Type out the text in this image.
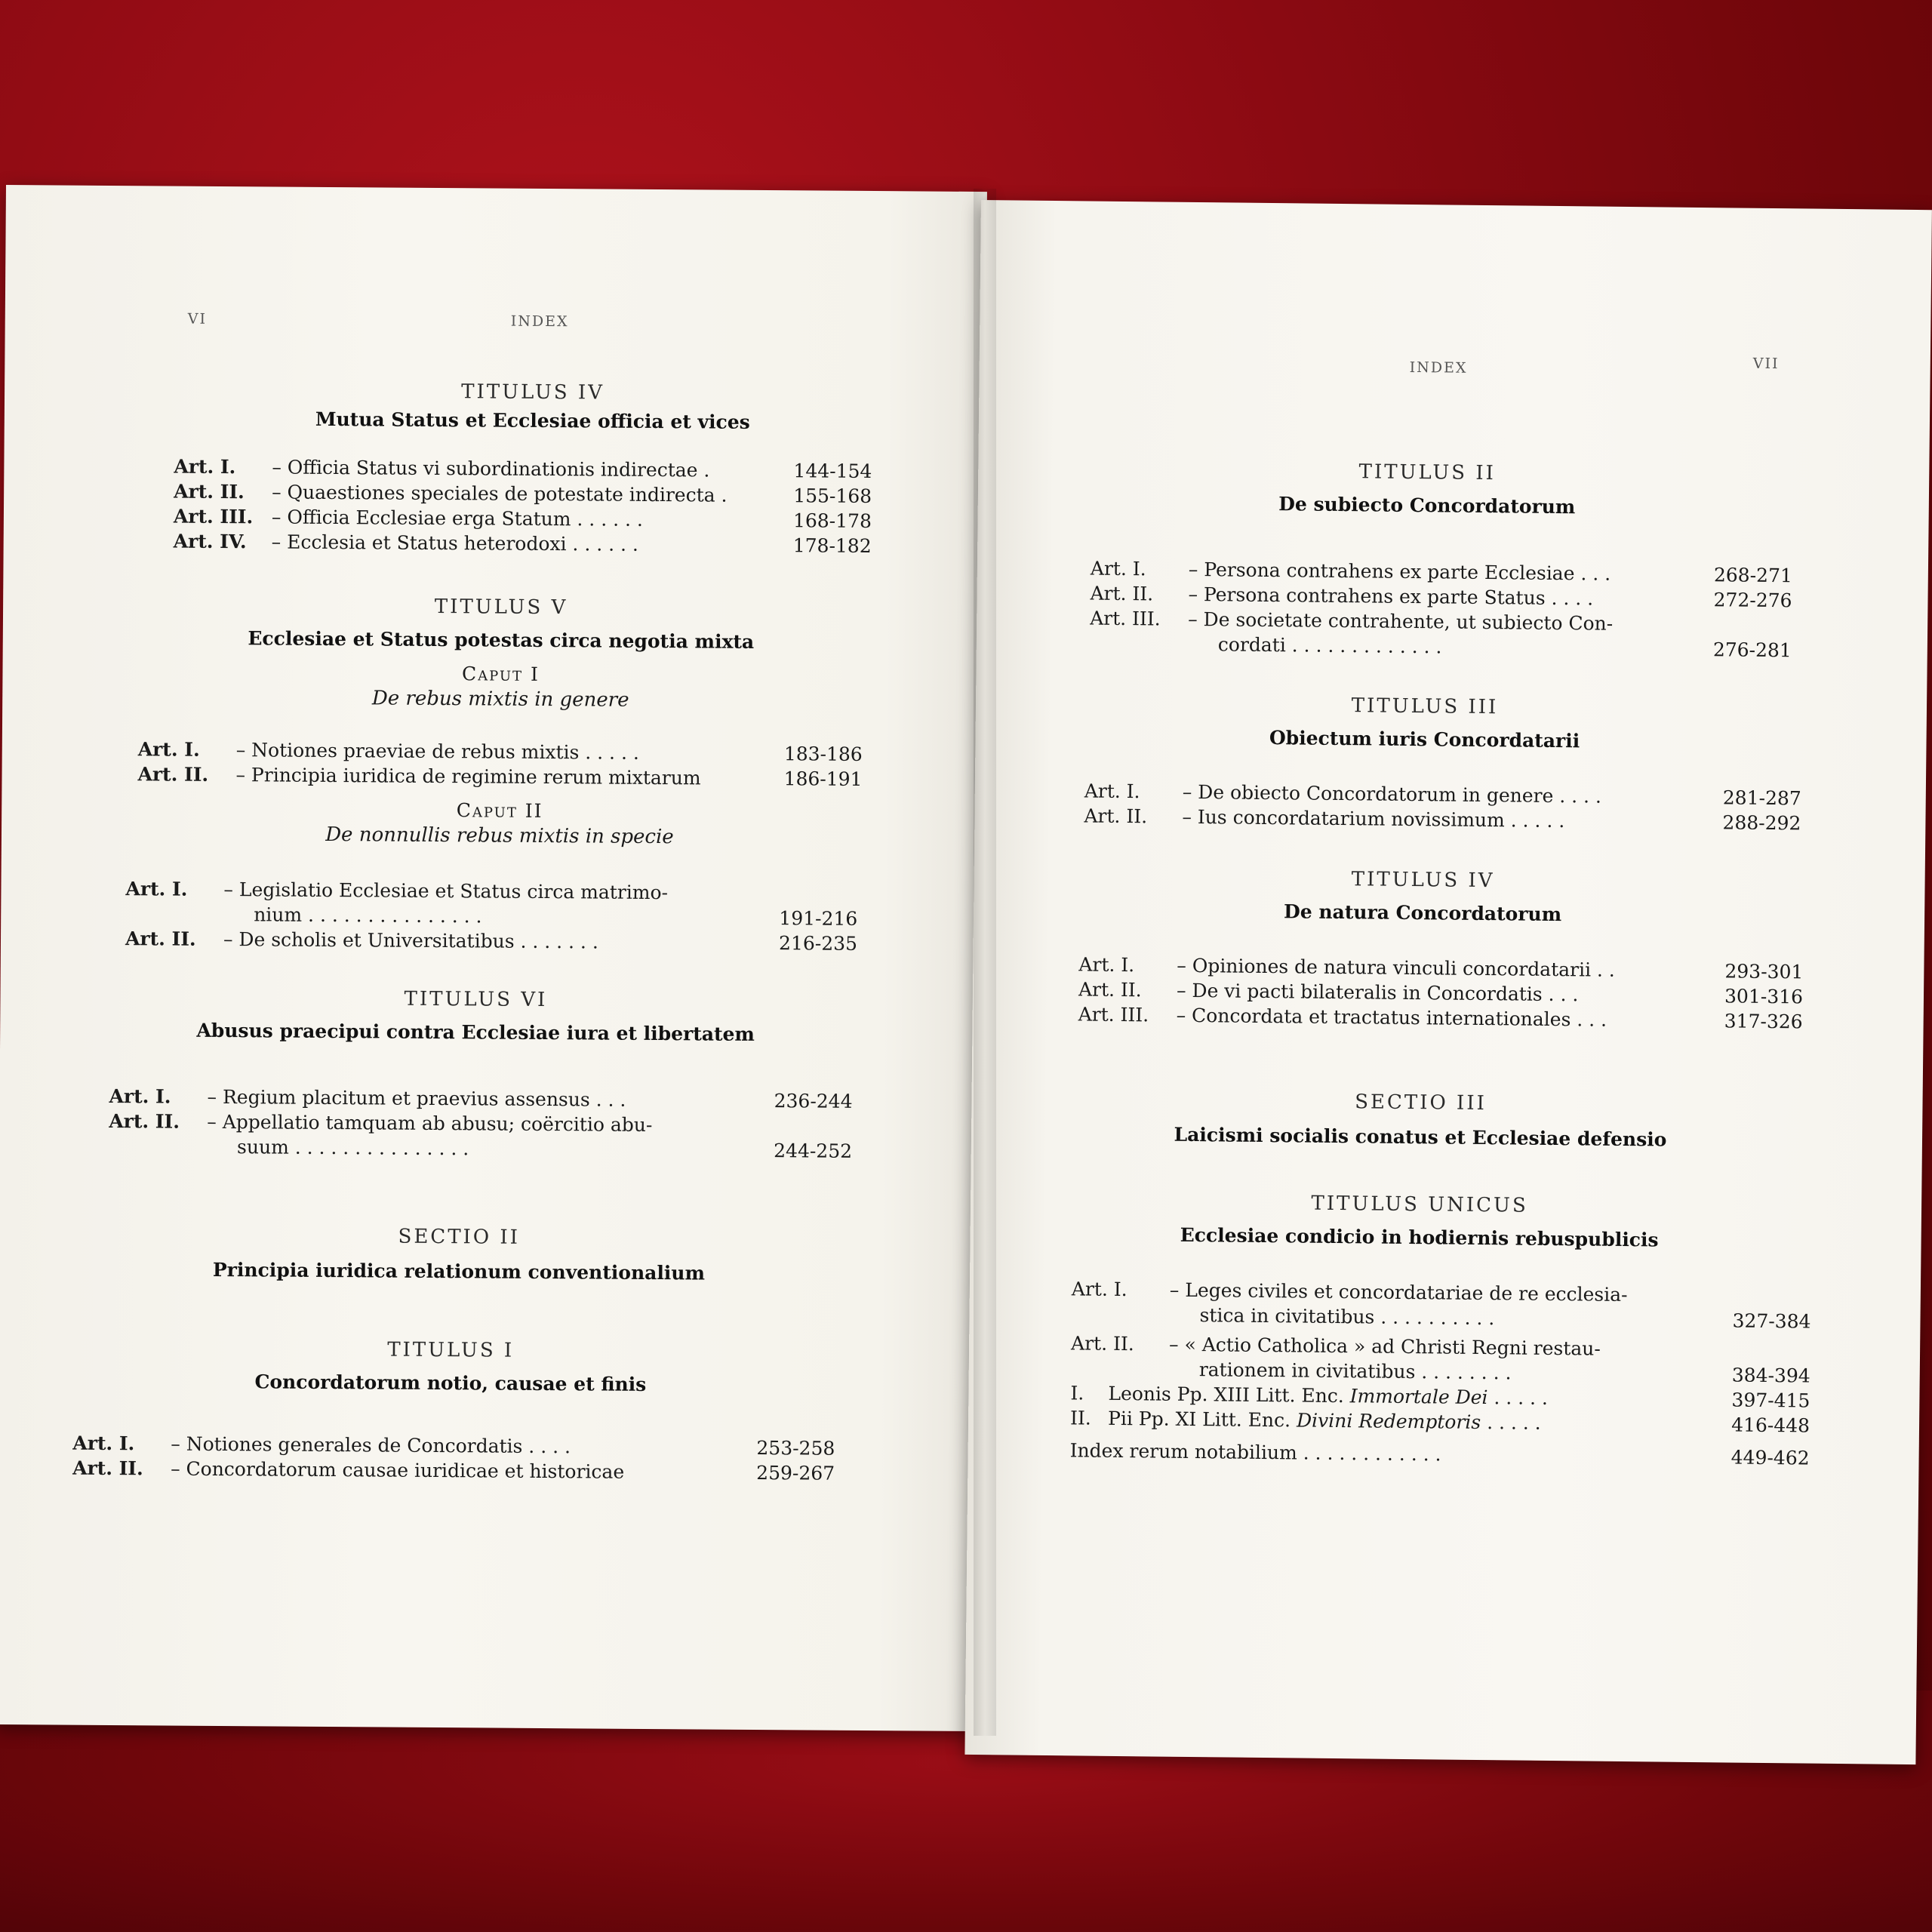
VI	INDEX
TITULUS IV
Mutua Status et Ecclesiae officia et vices
Art. I.	– Officia Status vi subordinationis indirectae .	144-154
Art. II.	– Quaestiones speciales de potestate indirecta .	155-168
Art. III. – Officia Ecclesiae erga Statum . . . . . .	168-178
Art. IV.	– Ecclesia et Status heterodoxi . . . . . .	178-182
TITULUS V
Ecclesiae et Status potestas circa negotia mixta
Caput I
De rebus mixtis in genere
Art. I.	– Notiones praeviae de rebus mixtis . . . . .	183-186
Art. II.	– Principia iuridica de regimine rerum mixtarum	186-191
Caput II
De nonnullis rebus mixtis in specie
Art. I.	– Legislatio Ecclesiae et Status circa matrimo-
nium . . . . . . . . . . . . . . .	191-216
Art. II.	– De scholis et Universitatibus . . . . . . .	216-235
TITULUS VI
Abusus praecipui contra Ecclesiae iura et libertatem
Art. I.	– Regium placitum et praevius assensus . . .	236-244
Art. II.	– Appellatio tamquam ab abusu; coërcitio abu-
suum . . . . . . . . . . . . . . .	244-252
SECTIO II
Principia iuridica relationum conventionalium
TITULUS I
Concordatorum notio, causae et finis
Art. I.	– Notiones generales de Concordatis . . . .	253-258
Art. II.	– Concordatorum causae iuridicae et historicae	259-267
INDEX	VII
TITULUS II
De subiecto Concordatorum
Art. I.	– Persona contrahens ex parte Ecclesiae . . .	268-271
Art. II.	– Persona contrahens ex parte Status . . . .	272-276
Art. III.	– De societate contrahente, ut subiecto Con-
cordati . . . . . . . . . . . . .	276-281
TITULUS III
Obiectum iuris Concordatarii
Art. I.	– De obiecto Concordatorum in genere . . . .	281-287
Art. II.	– Ius concordatarium novissimum . . . . .	288-292
TITULUS IV
De natura Concordatorum
Art. I.	– Opiniones de natura vinculi concordatarii . .	293-301
Art. II.	– De vi pacti bilateralis in Concordatis . . .	301-316
Art. III.	– Concordata et tractatus internationales . . .	317-326
SECTIO III
Laicismi socialis conatus et Ecclesiae defensio
TITULUS UNICUS
Ecclesiae condicio in hodiernis rebuspublicis
Art. I.	– Leges civiles et concordatariae de re ecclesia-
stica in civitatibus . . . . . . . . . .	327-384
Art. II.	– « Actio Catholica » ad Christi Regni restau-
rationem in civitatibus . . . . . . . .	384-394
I.	Leonis Pp. XIII Litt. Enc. Immortale Dei . . . . .	397-415
II. Pii Pp. XI Litt. Enc. Divini Redemptoris . . . . .	416-448
Index rerum notabilium . . . . . . . . . . . .	449-462
